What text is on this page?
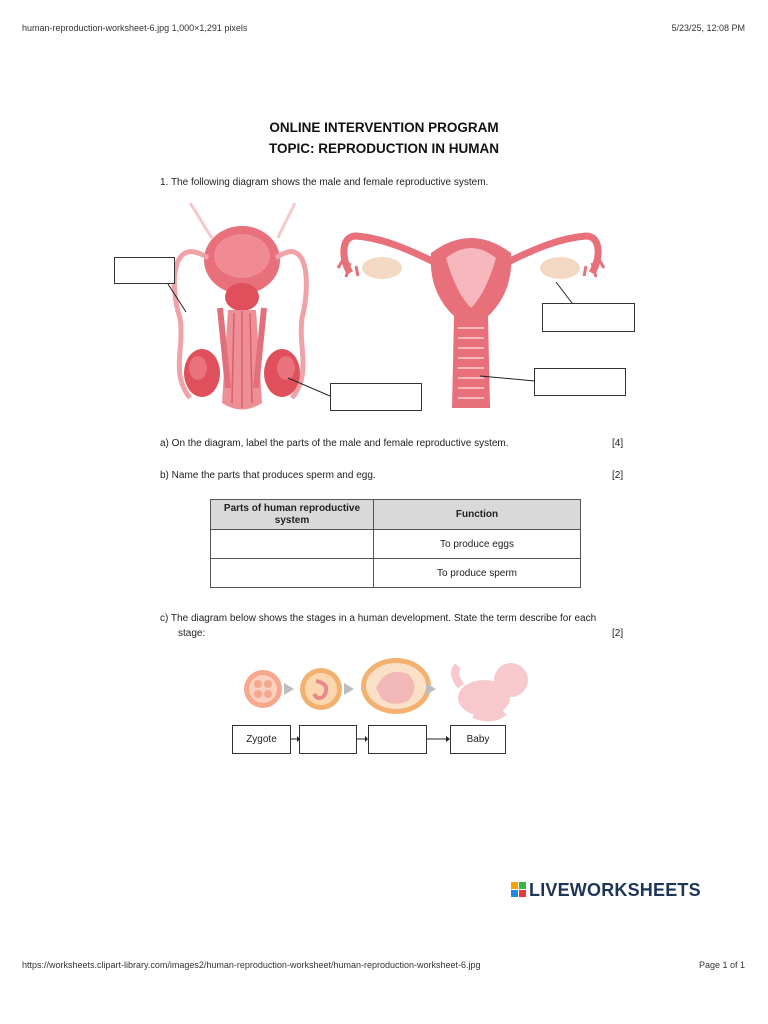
human-reproduction-worksheet-6.jpg 1,000×1,291 pixels	5/23/25, 12:08 PM
https://worksheets.clipart-library.com/images2/human-reproduction-worksheet/human-reproduction-worksheet-6.jpg	Page 1 of 1
ONLINE INTERVENTION PROGRAM
TOPIC: REPRODUCTION IN HUMAN
1. The following diagram shows the male and female reproductive system.
a) On the diagram, label the parts of the male and female reproductive system.	[4]
b) Name the parts that produces sperm and egg.	[2]
Parts of human reproductive system	Function
	To produce eggs
	To produce sperm
c) The diagram below shows the stages in a human development. State the term describe for each
stage:	[2]
Zygote	Baby
LIVEWORKSHEETS
